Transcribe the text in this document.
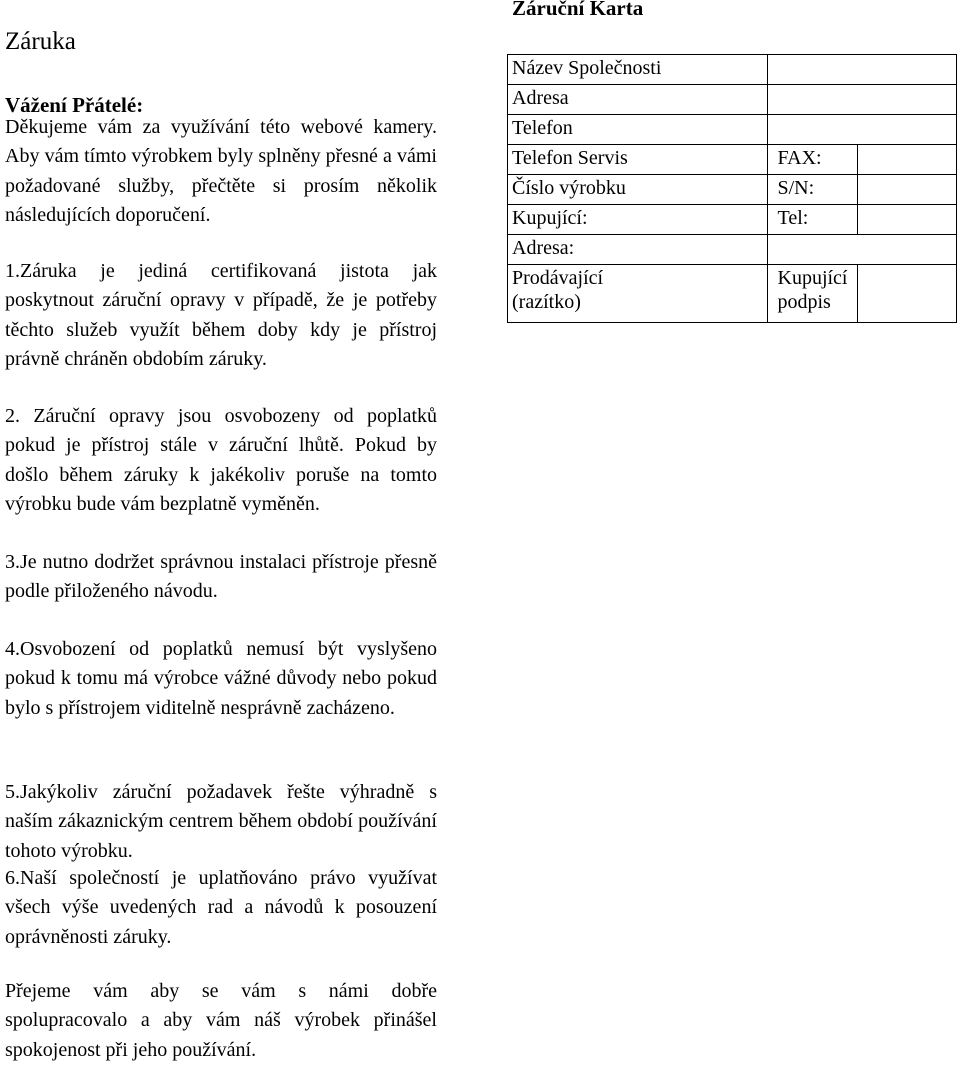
Záruka
Vážení Přátelé:
Děkujeme vám za využívání této webové kamery. Aby vám tímto výrobkem byly splněny přesné a vámi požadované služby, přečtěte si prosím několik následujících doporučení.
1.Záruka je jediná certifikovaná jistota jak poskytnout záruční opravy v případě, že je potřeby těchto služeb využít během doby kdy je přístroj právně chráněn obdobím záruky.
2. Záruční opravy jsou osvobozeny od poplatků pokud je přístroj stále v záruční lhůtě. Pokud by došlo během záruky k jakékoliv poruše na tomto výrobku bude vám bezplatně vyměněn.
3.Je nutno dodržet správnou instalaci přístroje přesně podle přiloženého návodu.
4.Osvobození od poplatků nemusí být vyslyšeno pokud k tomu má výrobce vážné důvody nebo pokud bylo s přístrojem viditelně nesprávně zacházeno.
5.Jakýkoliv záruční požadavek řešte výhradně s naším zákaznickým centrem během období používání tohoto výrobku.
6.Naší společností je uplatňováno právo využívat všech výše uvedených rad a návodů k posouzení oprávněnosti záruky.
Přejeme vám aby se vám s námi dobře spolupracovalo a aby vám náš výrobek přinášel spokojenost při jeho používání.
Záruční Karta
Název Společnosti		
Adresa		
Telefon		
Telefon Servis	FAX:	
Číslo výrobku	S/N:	
Kupující:	Tel:	
Adresa:		
Prodávající (razítko)	Kupující podpis	
